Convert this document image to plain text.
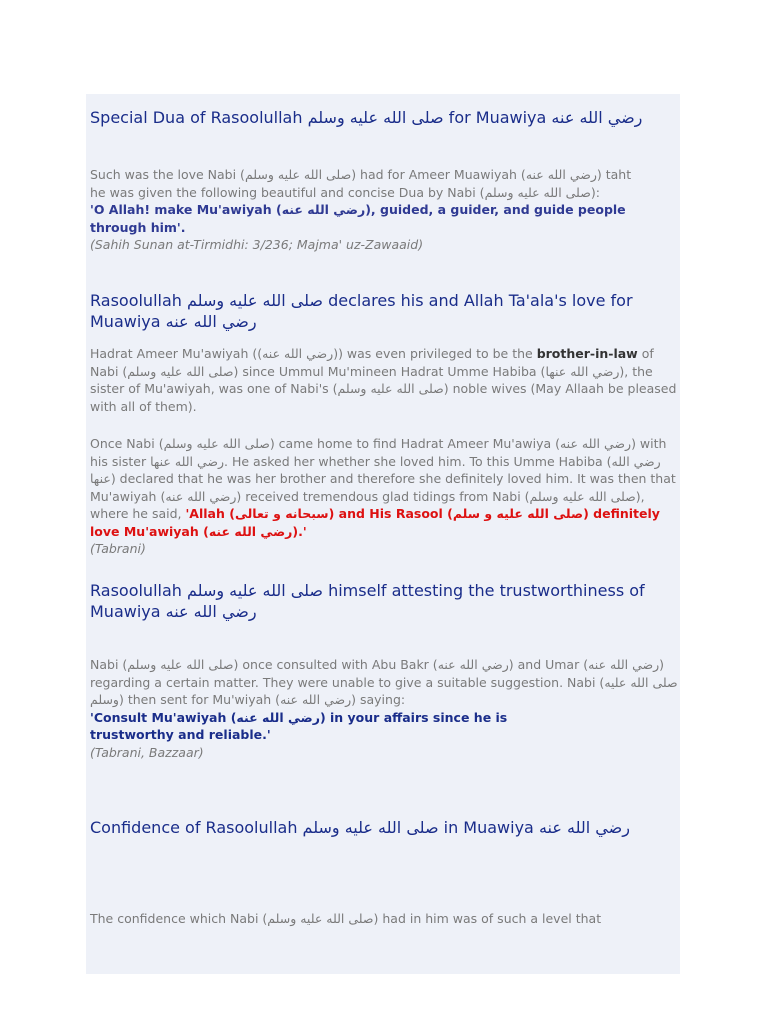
Special Dua of Rasoolullah صلى الله عليه وسلم for Muawiya رضي الله عنه

Such was the love Nabi (صلى الله عليه وسلم) had for Ameer Muawiyah (رضي الله عنه) taht
he was given the following beautiful and concise Dua by Nabi (صلى الله عليه وسلم):
'O Allah! make Mu'awiyah (رضي الله عنه), guided, a guider, and guide people through him'.
(Sahih Sunan at-Tirmidhi: 3/236; Majma' uz-Zawaaid)

Rasoolullah صلى الله عليه وسلم declares his and Allah Ta'ala's love for Muawiya رضي الله عنه

Hadrat Ameer Mu'awiyah ((رضي الله عنه)) was even privileged to be the brother-in-law of Nabi (صلى الله عليه وسلم) since Ummul Mu'mineen Hadrat Umme Habiba (رضي الله عنها), the sister of Mu'awiyah, was one of Nabi's (صلى الله عليه وسلم) noble wives (May Allaah be pleased with all of them).

Once Nabi (صلى الله عليه وسلم) came home to find Hadrat Ameer Mu'awiya (رضي الله عنه) with his sister رضي الله عنها. He asked her whether she loved him. To this Umme Habiba (رضي الله عنها) declared that he was her brother and therefore she definitely loved him. It was then that Mu'awiyah (رضي الله عنه) received tremendous glad tidings from Nabi (صلى الله عليه وسلم), where he said, 'Allah (سبحانه و تعالى) and His Rasool (صلى الله عليه و سلم) definitely love Mu'awiyah (رضي الله عنه).'
(Tabrani)

Rasoolullah صلى الله عليه وسلم himself attesting the trustworthiness of Muawiya رضي الله عنه

Nabi (صلى الله عليه وسلم) once consulted with Abu Bakr (رضي الله عنه) and Umar (رضي الله عنه) regarding a certain matter. They were unable to give a suitable suggestion. Nabi (صلى الله عليه وسلم) then sent for Mu'wiyah (رضي الله عنه) saying:
'Consult Mu'awiyah (رضي الله عنه) in your affairs since he is trustworthy and reliable.'
(Tabrani, Bazzaar)

Confidence of Rasoolullah صلى الله عليه وسلم in Muawiya رضي الله عنه

The confidence which Nabi (صلى الله عليه وسلم) had in him was of such a level that
